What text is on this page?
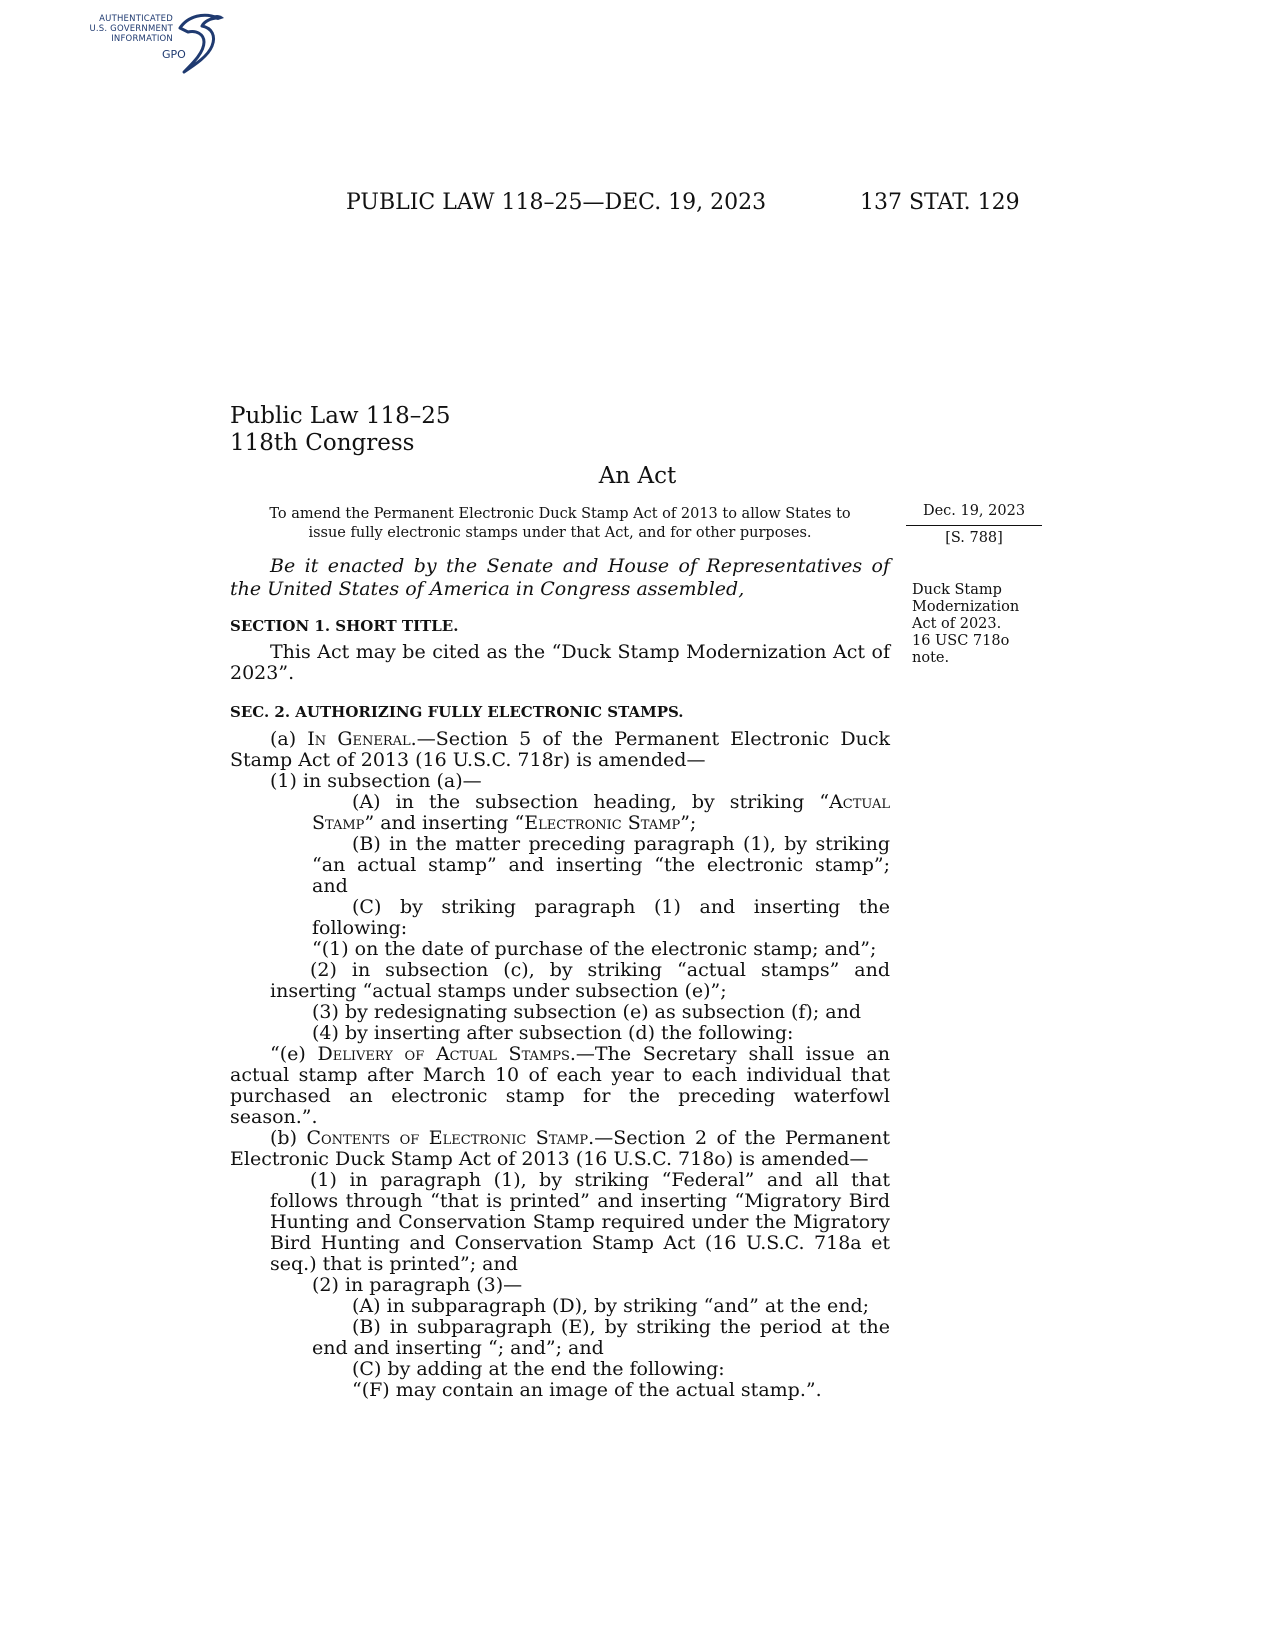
AUTHENTICATED
U.S. GOVERNMENT
INFORMATION
GPO
PUBLIC LAW 118–25—DEC. 19, 2023	137 STAT. 129
Public Law 118–25
118th Congress
An Act
To amend the Permanent Electronic Duck Stamp Act of 2013 to allow States to issue fully electronic stamps under that Act, and for other purposes.
Dec. 19, 2023
[S. 788]
Duck Stamp
Modernization
Act of 2023.
16 USC 718o
note.

Be it enacted by the Senate and House of Representatives of the United States of America in Congress assembled,

SECTION 1. SHORT TITLE.

This Act may be cited as the “Duck Stamp Modernization Act of 2023”.

SEC. 2. AUTHORIZING FULLY ELECTRONIC STAMPS.

(a) In General.—Section 5 of the Permanent Electronic Duck Stamp Act of 2013 (16 U.S.C. 718r) is amended—

(1) in subsection (a)—

(A) in the subsection heading, by striking “Actual Stamp” and inserting “Electronic Stamp”;

(B) in the matter preceding paragraph (1), by striking “an actual stamp” and inserting “the electronic stamp”; and

(C) by striking paragraph (1) and inserting the following:

“(1) on the date of purchase of the electronic stamp; and”;

(2) in subsection (c), by striking “actual stamps” and inserting “actual stamps under subsection (e)”;

(3) by redesignating subsection (e) as subsection (f); and

(4) by inserting after subsection (d) the following:

“(e) Delivery of Actual Stamps.—The Secretary shall issue an actual stamp after March 10 of each year to each individual that purchased an electronic stamp for the preceding waterfowl season.”.

(b) Contents of Electronic Stamp.—Section 2 of the Permanent Electronic Duck Stamp Act of 2013 (16 U.S.C. 718o) is amended—

(1) in paragraph (1), by striking “Federal” and all that follows through “that is printed” and inserting “Migratory Bird Hunting and Conservation Stamp required under the Migratory Bird Hunting and Conservation Stamp Act (16 U.S.C. 718a et seq.) that is printed”; and

(2) in paragraph (3)—

(A) in subparagraph (D), by striking “and” at the end;

(B) in subparagraph (E), by striking the period at the end and inserting “; and”; and

(C) by adding at the end the following:

“(F) may contain an image of the actual stamp.”.
